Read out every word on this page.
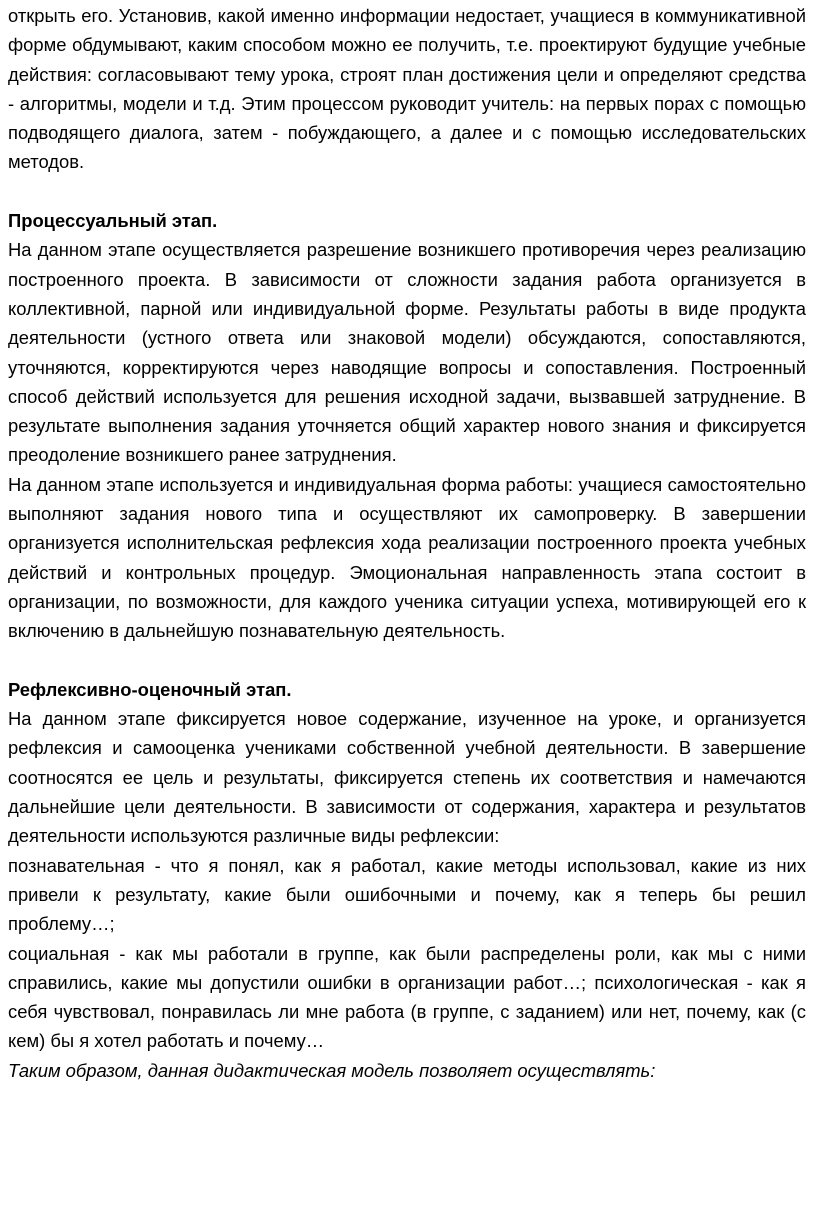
открыть его. Установив, какой именно информации недостает, учащиеся в коммуникативной форме обдумывают, каким способом можно ее получить, т.е. проектируют будущие учебные действия: согласовывают тему урока, строят план достижения цели и определяют средства - алгоритмы, модели и т.д. Этим процессом руководит учитель: на первых порах с помощью подводящего диалога, затем - побуждающего, а далее и с помощью исследовательских методов.

Процессуальный этап.

На данном этапе осуществляется разрешение возникшего противоречия через реализацию построенного проекта. В зависимости от сложности задания работа организуется в коллективной, парной или индивидуальной форме. Результаты работы в виде продукта деятельности (устного ответа или знаковой модели) обсуждаются, сопоставляются, уточняются, корректируются через наводящие вопросы и сопоставления. Построенный способ действий используется для решения исходной задачи, вызвавшей затруднение. В результате выполнения задания уточняется общий характер нового знания и фиксируется преодоление возникшего ранее затруднения.

На данном этапе используется и индивидуальная форма работы: учащиеся самостоятельно выполняют задания нового типа и осуществляют их самопроверку. В завершении организуется исполнительская рефлексия хода реализации построенного проекта учебных действий и контрольных процедур. Эмоциональная направленность этапа состоит в организации, по возможности, для каждого ученика ситуации успеха, мотивирующей его к включению в дальнейшую познавательную деятельность.

Рефлексивно-оценочный этап.

На данном этапе фиксируется новое содержание, изученное на уроке, и организуется рефлексия и самооценка учениками собственной учебной деятельности. В завершение соотносятся ее цель и результаты, фиксируется степень их соответствия и намечаются дальнейшие цели деятельности. В зависимости от содержания, характера и результатов деятельности используются различные виды рефлексии:

познавательная - что я понял, как я работал, какие методы использовал, какие из них привели к результату, какие были ошибочными и почему, как я теперь бы решил проблему…;

социальная - как мы работали в группе, как были распределены роли, как мы с ними справились, какие мы допустили ошибки в организации работ…; психологическая - как я себя чувствовал, понравилась ли мне работа (в группе, с заданием) или нет, почему, как (с кем) бы я хотел работать и почему…

Таким образом, данная дидактическая модель позволяет осуществлять:
